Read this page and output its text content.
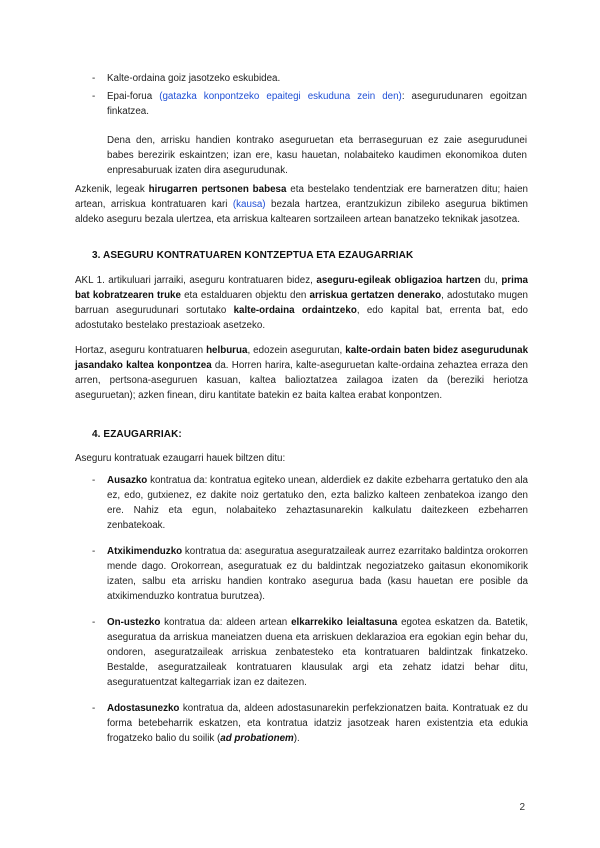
-	Kalte-ordaina goiz jasotzeko eskubidea.
-	Epai-forua (gatazka konpontzeko epaitegi eskuduna zein den): asegurudunaren egoitzan finkatzea.

Dena den, arrisku handien kontrako aseguruetan eta berraseguruan ez zaie asegurudunei babes berezirik eskaintzen; izan ere, kasu hauetan, nolabaiteko kaudimen ekonomikoa duten enpresaburuak izaten dira asegurudunak.

Azkenik, legeak hirugarren pertsonen babesa eta bestelako tendentziak ere barneratzen ditu; haien artean, arriskua kontratuaren kari (kausa) bezala hartzea, erantzukizun zibileko asegurua biktimen aldeko aseguru bezala ulertzea, eta arriskua kaltearen sortzaileen artean banatzeko teknikak jasotzea.

3. ASEGURU KONTRATUAREN KONTZEPTUA ETA EZAUGARRIAK

AKL 1. artikuluari jarraiki, aseguru kontratuaren bidez, aseguru-egileak obligazioa hartzen du, prima bat kobratzearen truke eta estalduaren objektu den arriskua gertatzen denerako, adostutako mugen barruan asegurudunari sortutako kalte-ordaina ordaintzeko, edo kapital bat, errenta bat, edo adostutako bestelako prestazioak asetzeko.

Hortaz, aseguru kontratuaren helburua, edozein asegurutan, kalte-ordain baten bidez asegurudunak jasandako kaltea konpontzea da. Horren harira, kalte-aseguruetan kalte-ordaina zehaztea erraza den arren, pertsona-aseguruen kasuan, kaltea balioztatzea zailagoa izaten da (bereziki heriotza aseguruetan); azken finean, diru kantitate batekin ez baita kaltea erabat konpontzen.

4. EZAUGARRIAK:

Aseguru kontratuak ezaugarri hauek biltzen ditu:

-	Ausazko kontratua da: kontratua egiteko unean, alderdiek ez dakite ezbeharra gertatuko den ala ez, edo, gutxienez, ez dakite noiz gertatuko den, ezta balizko kalteen zenbatekoa izango den ere. Nahiz eta egun, nolabaiteko zehaztasunarekin kalkulatu daitezkeen ezbeharren zenbatekoak.
-	Atxikimenduzko kontratua da: aseguratua aseguratzaileak aurrez ezarritako baldintza orokorren mende dago. Orokorrean, aseguratuak ez du baldintzak negoziatzeko gaitasun ekonomikorik izaten, salbu eta arrisku handien kontrako asegurua bada (kasu hauetan ere posible da atxikimenduzko kontratua burutzea).
-	On-ustezko kontratua da: aldeen artean elkarrekiko leialtasuna egotea eskatzen da. Batetik, aseguratua da arriskua maneiatzen duena eta arriskuen deklarazioa era egokian egin behar du, ondoren, aseguratzaileak arriskua zenbatesteko eta kontratuaren baldintzak finkatzeko. Bestalde, aseguratzaileak kontratuaren klausulak argi eta zehatz idatzi behar ditu, aseguratuentzat kaltegarriak izan ez daitezen.
-	Adostasunezko kontratua da, aldeen adostasunarekin perfekzionatzen baita. Kontratuak ez du forma betebeharrik eskatzen, eta kontratua idatziz jasotzeak haren existentzia eta edukia frogatzeko balio du soilik (ad probationem).
2
